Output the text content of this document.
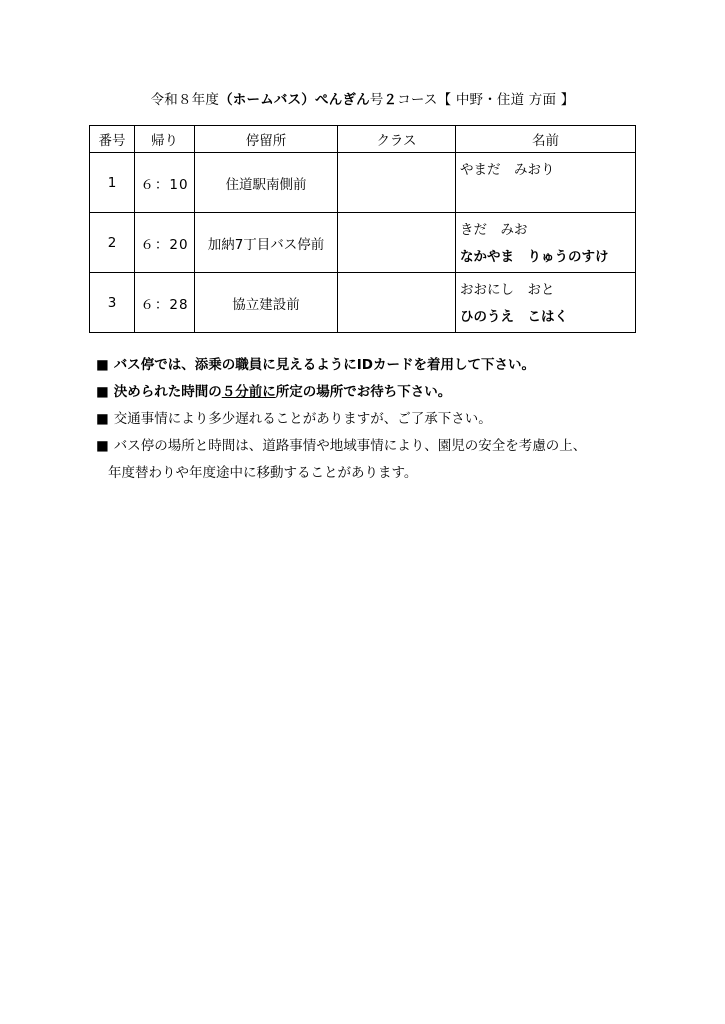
令和８年度（ホームバス）ぺんぎん号２コース【 中野・住道 方面 】
番号	帰り	停留所	クラス	名前
1	６：10	住道駅南側前		やまだ　みおり

2	６：20	加納7丁目バス停前		きだ　みお
なかやま　りゅうのすけ

3	６：28	協立建設前		おおにし　おと
ひのうえ　こはく
■ バス停では、添乗の職員に見えるようにIDカードを着用して下さい。
■ 決められた時間の５分前に所定の場所でお待ち下さい。
■ 交通事情により多少遅れることがありますが、ご了承下さい。
■ バス停の場所と時間は、道路事情や地域事情により、園児の安全を考慮の上、
年度替わりや年度途中に移動することがあります。
